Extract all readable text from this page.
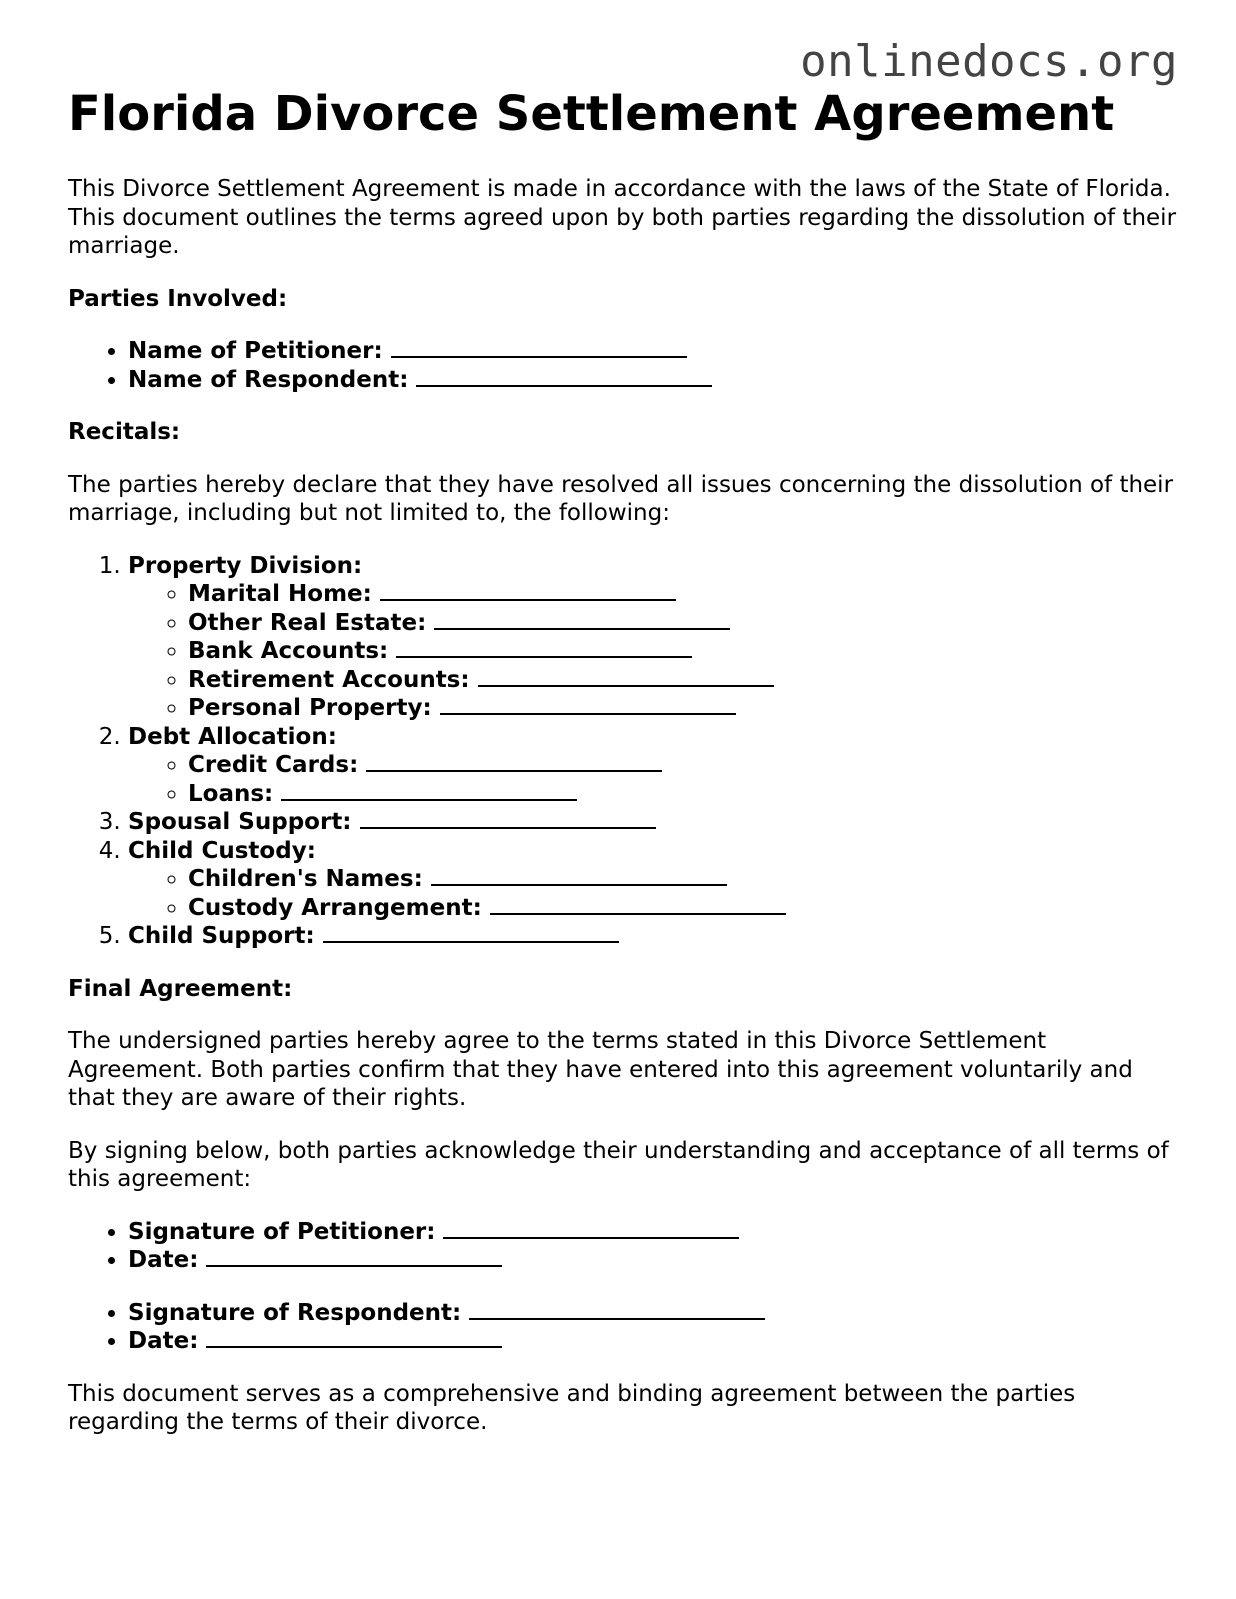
onlinedocs.org
Florida Divorce Settlement Agreement

This Divorce Settlement Agreement is made in accordance with the laws of the State of Florida. This document outlines the terms agreed upon by both parties regarding the dissolution of their marriage.

Parties Involved:

• Name of Petitioner:
• Name of Respondent:

Recitals:

The parties hereby declare that they have resolved all issues concerning the dissolution of their marriage, including but not limited to, the following:

1. Property Division:
◦ Marital Home:
◦ Other Real Estate:
◦ Bank Accounts:
◦ Retirement Accounts:
◦ Personal Property:
2. Debt Allocation:
◦ Credit Cards:
◦ Loans:
3. Spousal Support:
4. Child Custody:
◦ Children's Names:
◦ Custody Arrangement:
5. Child Support:

Final Agreement:

The undersigned parties hereby agree to the terms stated in this Divorce Settlement Agreement. Both parties confirm that they have entered into this agreement voluntarily and that they are aware of their rights.

By signing below, both parties acknowledge their understanding and acceptance of all terms of this agreement:

• Signature of Petitioner:
• Date:
• Signature of Respondent:
• Date:

This document serves as a comprehensive and binding agreement between the parties regarding the terms of their divorce.
